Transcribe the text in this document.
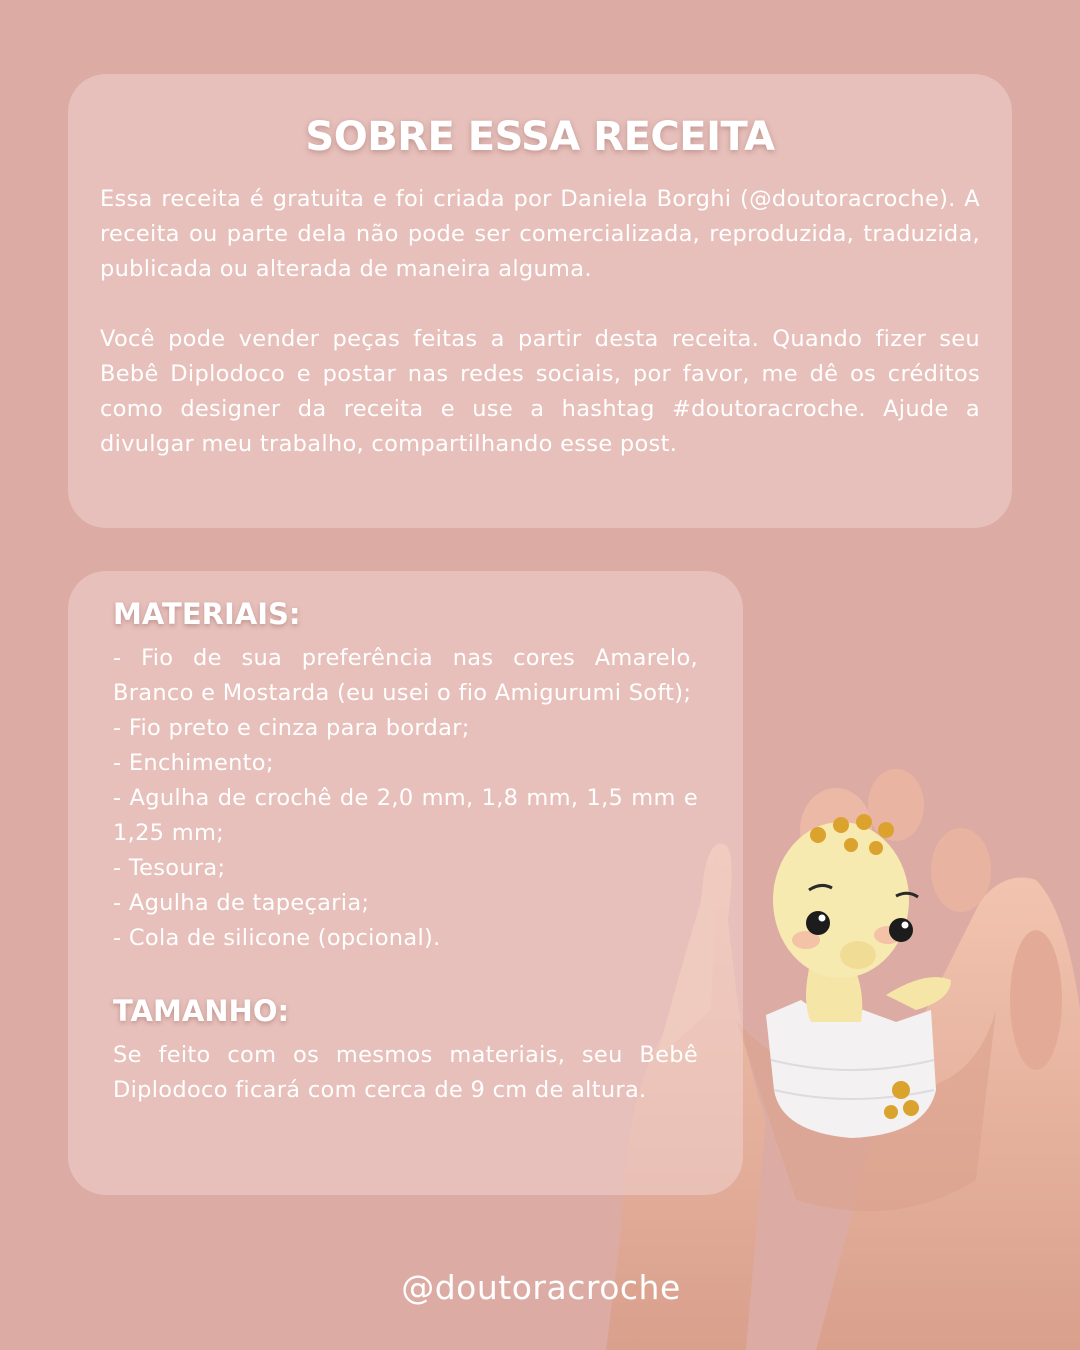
SOBRE ESSA RECEITA

Essa receita é gratuita e foi criada por Daniela Borghi (@doutoracroche). A receita ou parte dela não pode ser comercializada, reproduzida, traduzida, publicada ou alterada de maneira alguma.

Você pode vender peças feitas a partir desta receita. Quando fizer seu Bebê Diplodoco e postar nas redes sociais, por favor, me dê os créditos como designer da receita e use a hashtag #doutoracroche. Ajude a divulgar meu trabalho, compartilhando esse post.

MATERIAIS:
- Fio de sua preferência nas cores Amarelo, Branco e Mostarda (eu usei o fio Amigurumi Soft);
- Fio preto e cinza para bordar;
- Enchimento;
- Agulha de crochê de 2,0 mm, 1,8 mm, 1,5 mm e 1,25 mm;
- Tesoura;
- Agulha de tapeçaria;
- Cola de silicone (opcional).
TAMANHO:

Se feito com os mesmos materiais, seu Bebê Diplodoco ficará com cerca de 9 cm de altura.

@doutoracroche
